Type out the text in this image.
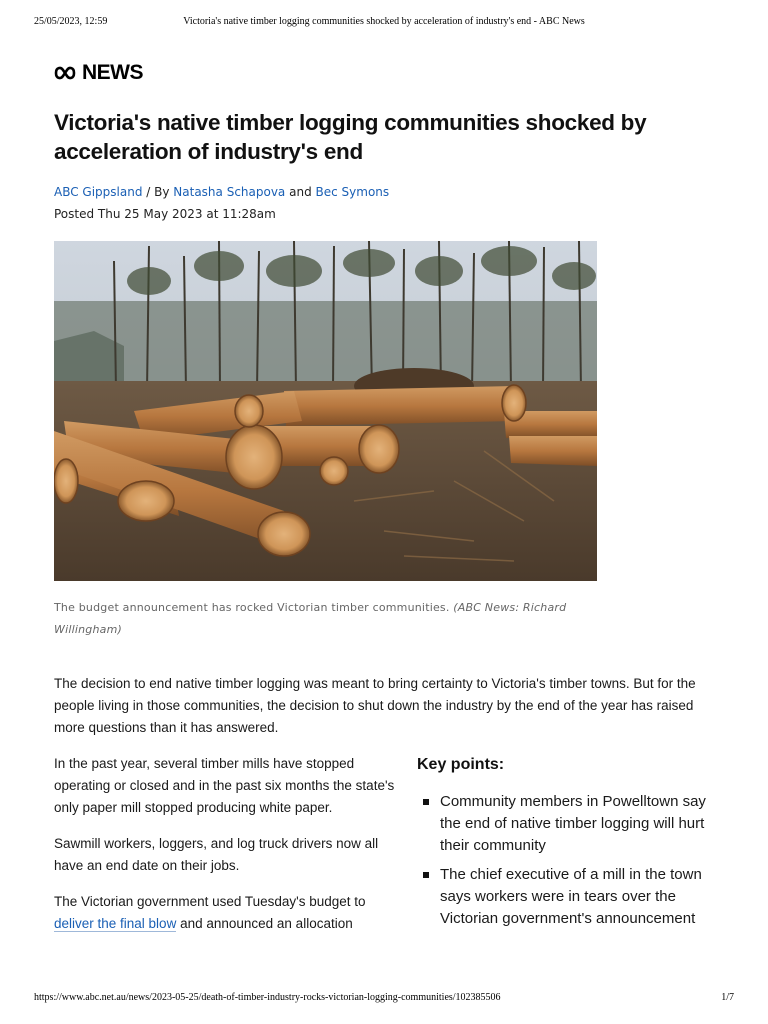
25/05/2023, 12:59	Victoria's native timber logging communities shocked by acceleration of industry's end - ABC News
NEWS
Victoria's native timber logging communities shocked by acceleration of industry's end
ABC Gippsland / By Natasha Schapova and Bec Symons
Posted Thu 25 May 2023 at 11:28am
The budget announcement has rocked Victorian timber communities. (ABC News: Richard Willingham)

The decision to end native timber logging was meant to bring certainty to Victoria's timber towns. But for the people living in those communities, the decision to shut down the industry by the end of the year has raised more questions than it has answered.

In the past year, several timber mills have stopped operating or closed and in the past six months the state's only paper mill stopped producing white paper.

Sawmill workers, loggers, and log truck drivers now all have an end date on their jobs.

The Victorian government used Tuesday's budget to deliver the final blow and announced an allocation

Key points:
Community members in Powelltown say the end of native timber logging will hurt their community
The chief executive of a mill in the town says workers were in tears over the Victorian government's announcement
https://www.abc.net.au/news/2023-05-25/death-of-timber-industry-rocks-victorian-logging-communities/102385506	1/7
